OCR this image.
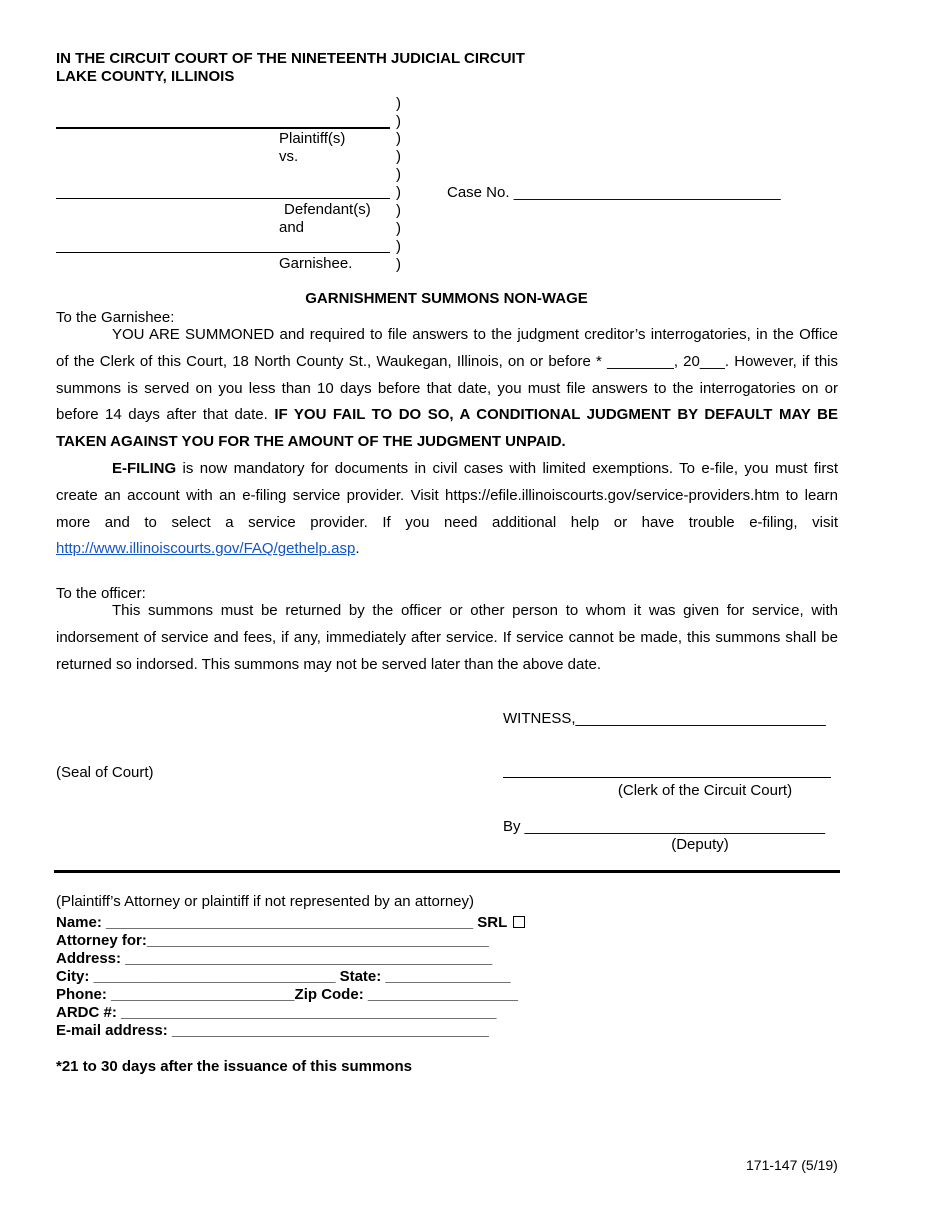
IN THE CIRCUIT COURT OF THE NINETEENTH JUDICIAL CIRCUIT
LAKE COUNTY, ILLINOIS
Plaintiff(s)
vs.
Defendant(s)
and
Garnishee.
)
)
)
)
)
)
)
)
)
)
Case No. ________________________________
GARNISHMENT SUMMONS NON-WAGE
To the Garnishee:
YOU ARE SUMMONED and required to file answers to the judgment creditor’s interrogatories, in the Office of the Clerk of this Court, 18 North County St., Waukegan, Illinois, on or before * ________, 20___. However, if this summons is served on you less than 10 days before that date, you must file answers to the interrogatories on or before 14 days after that date. IF YOU FAIL TO DO SO, A CONDITIONAL JUDGMENT BY DEFAULT MAY BE TAKEN AGAINST YOU FOR THE AMOUNT OF THE JUDGMENT UNPAID.
E-FILING is now mandatory for documents in civil cases with limited exemptions. To e-file, you must first create an account with an e-filing service provider. Visit https://efile.illinoiscourts.gov/service-providers.htm to learn more and to select a service provider. If you need additional help or have trouble e-filing, visit http://www.illinoiscourts.gov/FAQ/gethelp.asp.
To the officer:
This summons must be returned by the officer or other person to whom it was given for service, with indorsement of service and fees, if any, immediately after service. If service cannot be made, this summons shall be returned so indorsed. This summons may not be served later than the above date.
WITNESS,______________________________
(Seal of Court)
(Clerk of the Circuit Court)
By ____________________________________
(Deputy)
(Plaintiff’s Attorney or plaintiff if not represented by an attorney)
Name: ____________________________________________ SRL
Attorney for:_________________________________________
Address: ____________________________________________
City: _____________________________ State: _______________
Phone: ______________________Zip Code: __________________
ARDC #: _____________________________________________
E-mail address: ______________________________________
*21 to 30 days after the issuance of this summons
171-147 (5/19)
